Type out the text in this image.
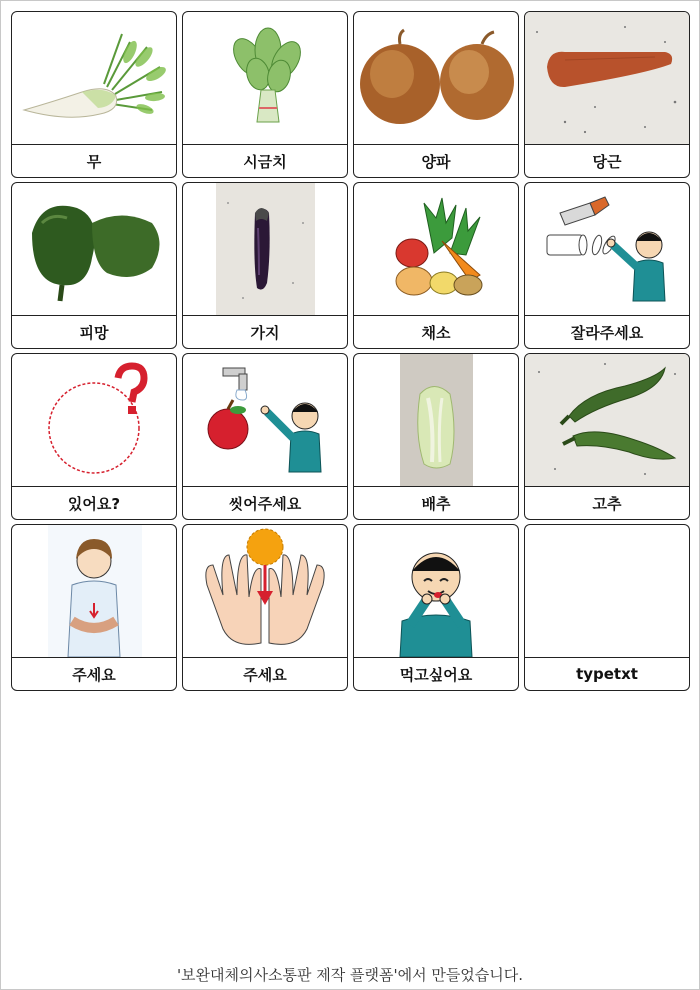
무	시금치	양파	당근
피망	가지	채소	잘라주세요
있어요?	씻어주세요	배추	고추
주세요	주세요	먹고싶어요	typetxt
'보완대체의사소통판 제작 플랫폼'에서 만들었습니다.
